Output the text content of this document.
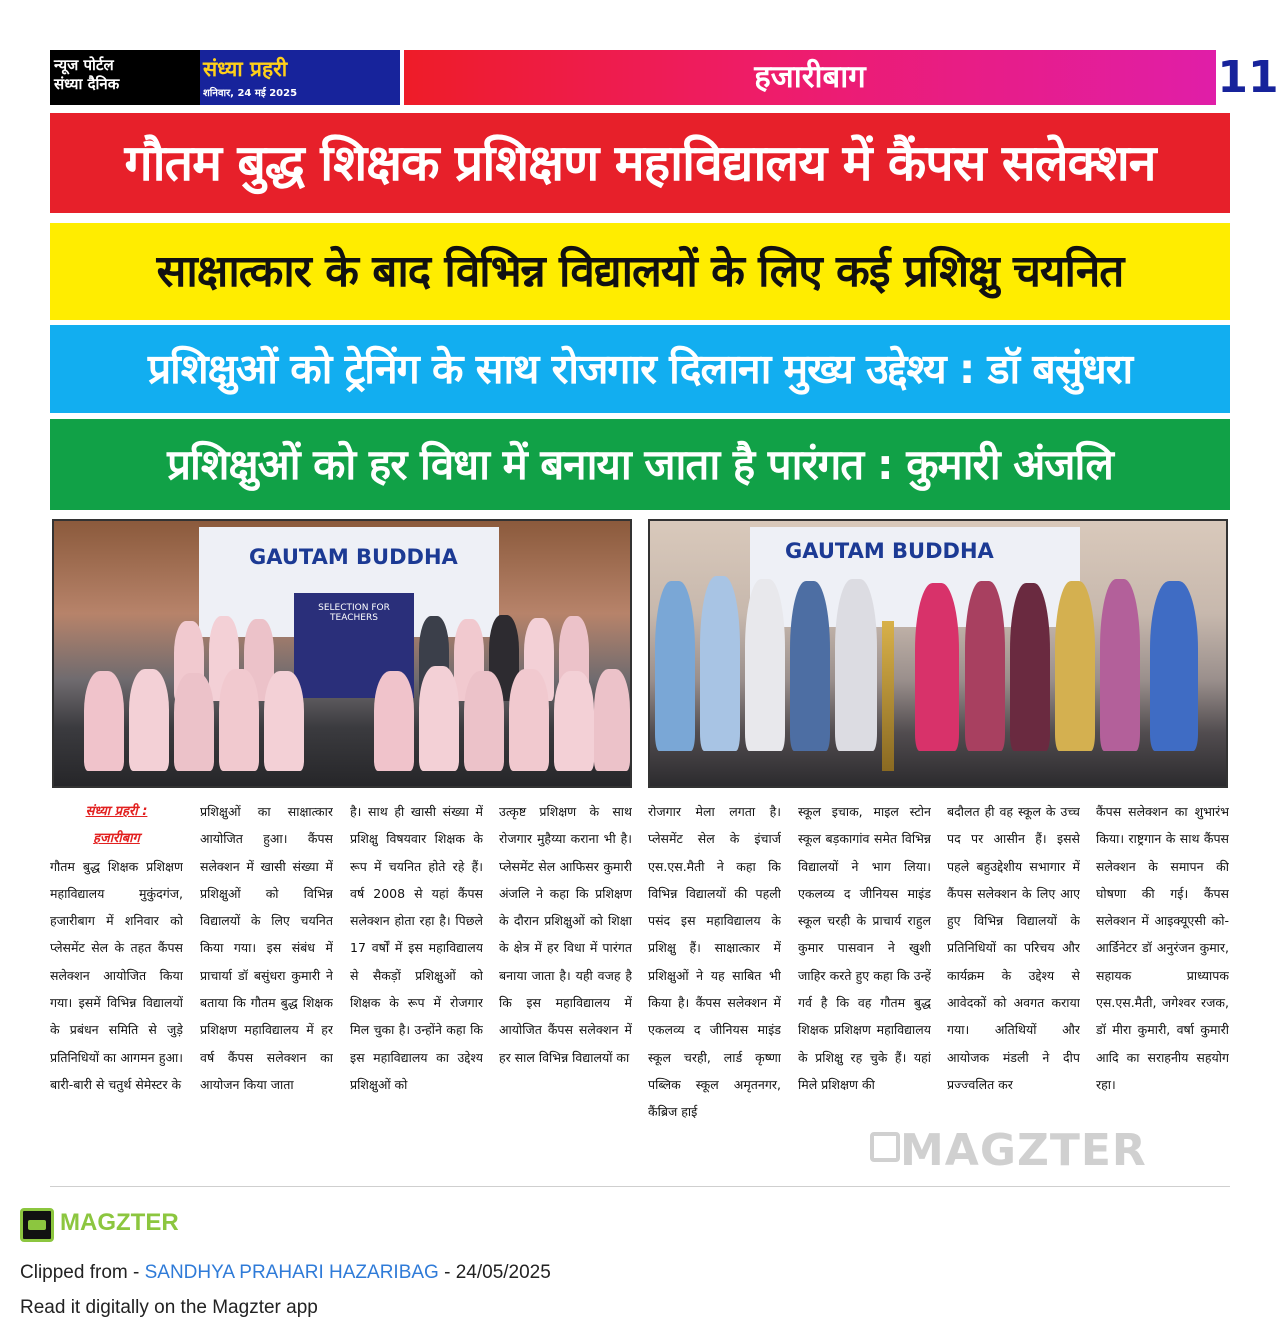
न्यूज पोर्टल
संध्या दैनिक
संध्या प्रहरी
शनिवार, 24 मई 2025	हजारीबाग	11
गौतम बुद्ध शिक्षक प्रशिक्षण महाविद्यालय में कैंपस सलेक्शन
साक्षात्कार के बाद विभिन्न विद्यालयों के लिए कई प्रशिक्षु चयनित
प्रशिक्षुओं को ट्रेनिंग के साथ रोजगार दिलाना मुख्य उद्देश्य : डॉ बसुंधरा
प्रशिक्षुओं को हर विधा में बनाया जाता है पारंगत : कुमारी अंजलि
GAUTAM BUDDHA
SELECTION FOR TEACHERS
GAUTAM BUDDHA
संध्या प्रहरी :
हजारीबाग
गौतम बुद्ध शिक्षक प्रशिक्षण महाविद्यालय मुकुंदगंज, हजारीबाग में शनिवार को प्लेसमेंट सेल के तहत कैंपस सलेक्शन आयोजित किया गया। इसमें विभिन्न विद्यालयों के प्रबंधन समिति से जुड़े प्रतिनिधियों का आगमन हुआ। बारी-बारी से चतुर्थ सेमेस्टर के
प्रशिक्षुओं का साक्षात्कार आयोजित हुआ। कैंपस सलेक्शन में खासी संख्या में प्रशिक्षुओं को विभिन्न विद्यालयों के लिए चयनित किया गया। इस संबंध में प्राचार्या डॉ बसुंधरा कुमारी ने बताया कि गौतम बुद्ध शिक्षक प्रशिक्षण महाविद्यालय में हर वर्ष कैंपस सलेक्शन का आयोजन किया जाता
है। साथ ही खासी संख्या में प्रशिक्षु विषयवार शिक्षक के रूप में चयनित होते रहे हैं। वर्ष 2008 से यहां कैंपस सलेक्शन होता रहा है। पिछले 17 वर्षों में इस महाविद्यालय से सैकड़ों प्रशिक्षुओं को शिक्षक के रूप में रोजगार मिल चुका है। उन्होंने कहा कि इस महाविद्यालय का उद्देश्य प्रशिक्षुओं को
उत्कृष्ट प्रशिक्षण के साथ रोजगार मुहैय्या कराना भी है। प्लेसमेंट सेल आफिसर कुमारी अंजलि ने कहा कि प्रशिक्षण के दौरान प्रशिक्षुओं को शिक्षा के क्षेत्र में हर विधा में पारंगत बनाया जाता है। यही वजह है कि इस महाविद्यालय में आयोजित कैंपस सलेक्शन में हर साल विभिन्न विद्यालयों का
रोजगार मेला लगता है। प्लेसमेंट सेल के इंचार्ज एस.एस.मैती ने कहा कि विभिन्न विद्यालयों की पहली पसंद इस महाविद्यालय के प्रशिक्षु हैं। साक्षात्कार में प्रशिक्षुओं ने यह साबित भी किया है। कैंपस सलेक्शन में एकलव्य द जीनियस माइंड स्कूल चरही, लार्ड कृष्णा पब्लिक स्कूल अमृतनगर, कैंब्रिज हाई
स्कूल इचाक, माइल स्टोन स्कूल बड़कागांव समेत विभिन्न विद्यालयों ने भाग लिया। एकलव्य द जीनियस माइंड स्कूल चरही के प्राचार्य राहुल कुमार पासवान ने खुशी जाहिर करते हुए कहा कि उन्हें गर्व है कि वह गौतम बुद्ध शिक्षक प्रशिक्षण महाविद्यालय के प्रशिक्षु रह चुके हैं। यहां मिले प्रशिक्षण की
बदौलत ही वह स्कूल के उच्च पद पर आसीन हैं। इससे पहले बहुउद्देशीय सभागार में कैंपस सलेक्शन के लिए आए हुए विभिन्न विद्यालयों के प्रतिनिधियों का परिचय और कार्यक्रम के उद्देश्य से आवेदकों को अवगत कराया गया। अतिथियों और आयोजक मंडली ने दीप प्रज्ज्वलित कर
कैंपस सलेक्शन का शुभारंभ किया। राष्ट्रगान के साथ कैंपस सलेक्शन के समापन की घोषणा की गई। कैंपस सलेक्शन में आइक्यूएसी को-आर्डिनेटर डॉ अनुरंजन कुमार, सहायक प्राध्यापक एस.एस.मैती, जगेश्वर रजक, डॉ मीरा कुमारी, वर्षा कुमारी आदि का सराहनीय सहयोग रहा।
MAGZTER
MAGZTER
Clipped from - SANDHYA PRAHARI HAZARIBAG - 24/05/2025
Read it digitally on the Magzter app
